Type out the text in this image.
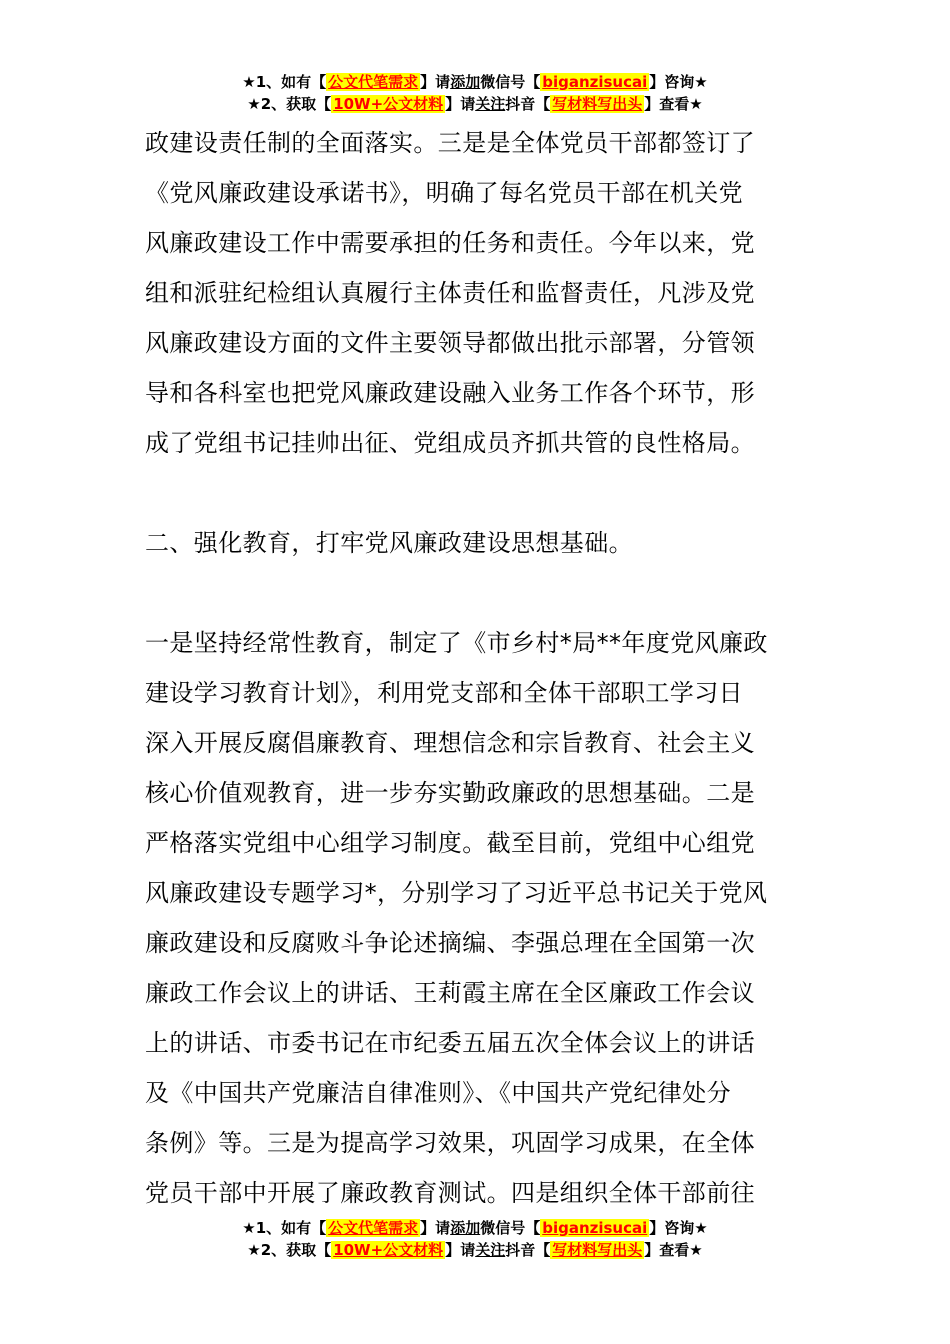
★1、如有【 公文代笔需求 】请添加微信号【 biganzisucai 】咨询★
★2、获取【 10W+公文材料 】请关注抖音【 写材料写出头 】查看★

政建设责任制的全面落实。三是是全体党员干部都签订了

《党风廉政建设承诺书》，明确了每名党员干部在机关党

风廉政建设工作中需要承担的任务和责任。今年以来，党

组和派驻纪检组认真履行主体责任和监督责任，凡涉及党

风廉政建设方面的文件主要领导都做出批示部署，分管领

导和各科室也把党风廉政建设融入业务工作各个环节，形

成了党组书记挂帅出征、党组成员齐抓共管的良性格局。

二、强化教育，打牢党风廉政建设思想基础。

一是坚持经常性教育，制定了《市乡村*局**年度党风廉政

建设学习教育计划》，利用党支部和全体干部职工学习日

深入开展反腐倡廉教育、理想信念和宗旨教育、社会主义

核心价值观教育，进一步夯实勤政廉政的思想基础。二是

严格落实党组中心组学习制度。截至目前，党组中心组党

风廉政建设专题学习*，分别学习了习近平总书记关于党风

廉政建设和反腐败斗争论述摘编、李强总理在全国第一次

廉政工作会议上的讲话、王莉霞主席在全区廉政工作会议

上的讲话、市委书记在市纪委五届五次全体会议上的讲话

及《中国共产党廉洁自律准则》、《中国共产党纪律处分

条例》等。三是为提高学习效果，巩固学习成果，在全体

党员干部中开展了廉政教育测试。四是组织全体干部前往

★1、如有【 公文代笔需求 】请添加微信号【 biganzisucai 】咨询★
★2、获取【 10W+公文材料 】请关注抖音【 写材料写出头 】查看★
